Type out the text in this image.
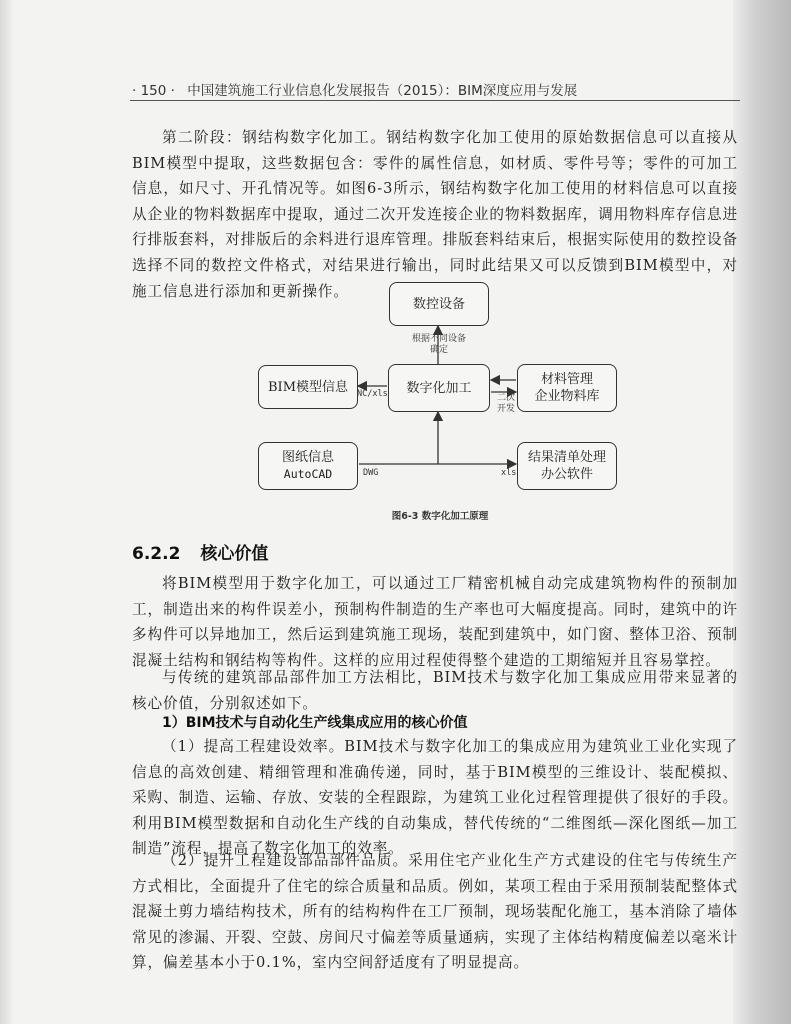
· 150 · 中国建筑施工行业信息化发展报告（2015）：BIM深度应用与发展

第二阶段：钢结构数字化加工。钢结构数字化加工使用的原始数据信息可以直接从BIM模型中提取，这些数据包含：零件的属性信息，如材质、零件号等；零件的可加工信息，如尺寸、开孔情况等。如图6-3所示，钢结构数字化加工使用的材料信息可以直接从企业的物料数据库中提取，通过二次开发连接企业的物料数据库，调用物料库存信息进行排版套料，对排版后的余料进行退库管理。排版套料结束后，根据实际使用的数控设备选择不同的数控文件格式，对结果进行输出，同时此结果又可以反馈到BIM模型中，对施工信息进行添加和更新操作。

数控设备
BIM模型信息	数字化加工
材料管理
企业物料库
图纸信息
AutoCAD
结果清单处理
办公软件
根据不同设备
确定
NC/xls	二次
开发
DWG	xls
图6-3 数字化加工原理
6.2.2 核心价值

将BIM模型用于数字化加工，可以通过工厂精密机械自动完成建筑物构件的预制加工，制造出来的构件误差小，预制构件制造的生产率也可大幅度提高。同时，建筑中的许多构件可以异地加工，然后运到建筑施工现场，装配到建筑中，如门窗、整体卫浴、预制混凝土结构和钢结构等构件。这样的应用过程使得整个建造的工期缩短并且容易掌控。

与传统的建筑部品部件加工方法相比，BIM技术与数字化加工集成应用带来显著的核心价值，分别叙述如下。

1）BIM技术与自动化生产线集成应用的核心价值

（1）提高工程建设效率。BIM技术与数字化加工的集成应用为建筑业工业化实现了信息的高效创建、精细管理和准确传递，同时，基于BIM模型的三维设计、装配模拟、采购、制造、运输、存放、安装的全程跟踪，为建筑工业化过程管理提供了很好的手段。利用BIM模型数据和自动化生产线的自动集成，替代传统的“二维图纸—深化图纸—加工制造”流程，提高了数字化加工的效率。

（2）提升工程建设部品部件品质。采用住宅产业化生产方式建设的住宅与传统生产方式相比，全面提升了住宅的综合质量和品质。例如，某项工程由于采用预制装配整体式混凝土剪力墙结构技术，所有的结构构件在工厂预制，现场装配化施工，基本消除了墙体常见的渗漏、开裂、空鼓、房间尺寸偏差等质量通病，实现了主体结构精度偏差以毫米计算，偏差基本小于0.1%，室内空间舒适度有了明显提高。
